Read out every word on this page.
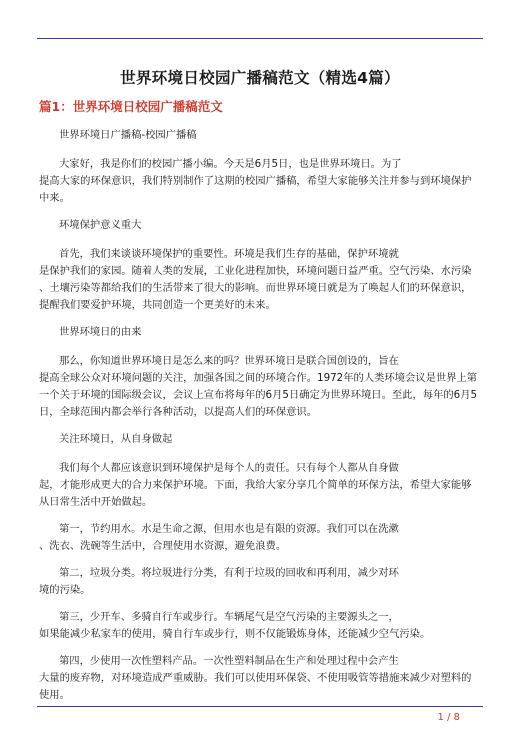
世界环境日校园广播稿范文（精选4篇）
篇1：世界环境日校园广播稿范文
世界环境日广播稿-校园广播稿
大家好，我是你们的校园广播小编。今天是6月5日，也是世界环境日。为了
提高大家的环保意识，我们特别制作了这期的校园广播稿，希望大家能够关注并参与到环境保护
中来。
环境保护意义重大
首先，我们来谈谈环境保护的重要性。环境是我们生存的基础，保护环境就
是保护我们的家园。随着人类的发展，工业化进程加快，环境问题日益严重。空气污染、水污染
、土壤污染等都给我们的生活带来了很大的影响。而世界环境日就是为了唤起人们的环保意识，
提醒我们要爱护环境，共同创造一个更美好的未来。
世界环境日的由来
那么，你知道世界环境日是怎么来的吗？世界环境日是联合国创设的，旨在
提高全球公众对环境问题的关注，加强各国之间的环境合作。1972年的人类环境会议是世界上第
一个关于环境的国际级会议，会议上宣布将每年的6月5日确定为世界环境日。至此，每年的6月5
日，全球范围内都会举行各种活动，以提高人们的环保意识。
关注环境日，从自身做起
我们每个人都应该意识到环境保护是每个人的责任。只有每个人都从自身做
起，才能形成更大的合力来保护环境。下面，我给大家分享几个简单的环保方法，希望大家能够
从日常生活中开始做起。
第一，节约用水。水是生命之源，但用水也是有限的资源。我们可以在洗漱
、洗衣、洗碗等生活中，合理使用水资源，避免浪费。
第二，垃圾分类。将垃圾进行分类，有利于垃圾的回收和再利用，减少对环
境的污染。
第三，少开车、多骑自行车或步行。车辆尾气是空气污染的主要源头之一，
如果能减少私家车的使用，骑自行车或步行，则不仅能锻炼身体，还能减少空气污染。
第四，少使用一次性塑料产品。一次性塑料制品在生产和处理过程中会产生
大量的废弃物，对环境造成严重威胁。我们可以使用环保袋、不使用吸管等措施来减少对塑料的
使用。
1 / 8
